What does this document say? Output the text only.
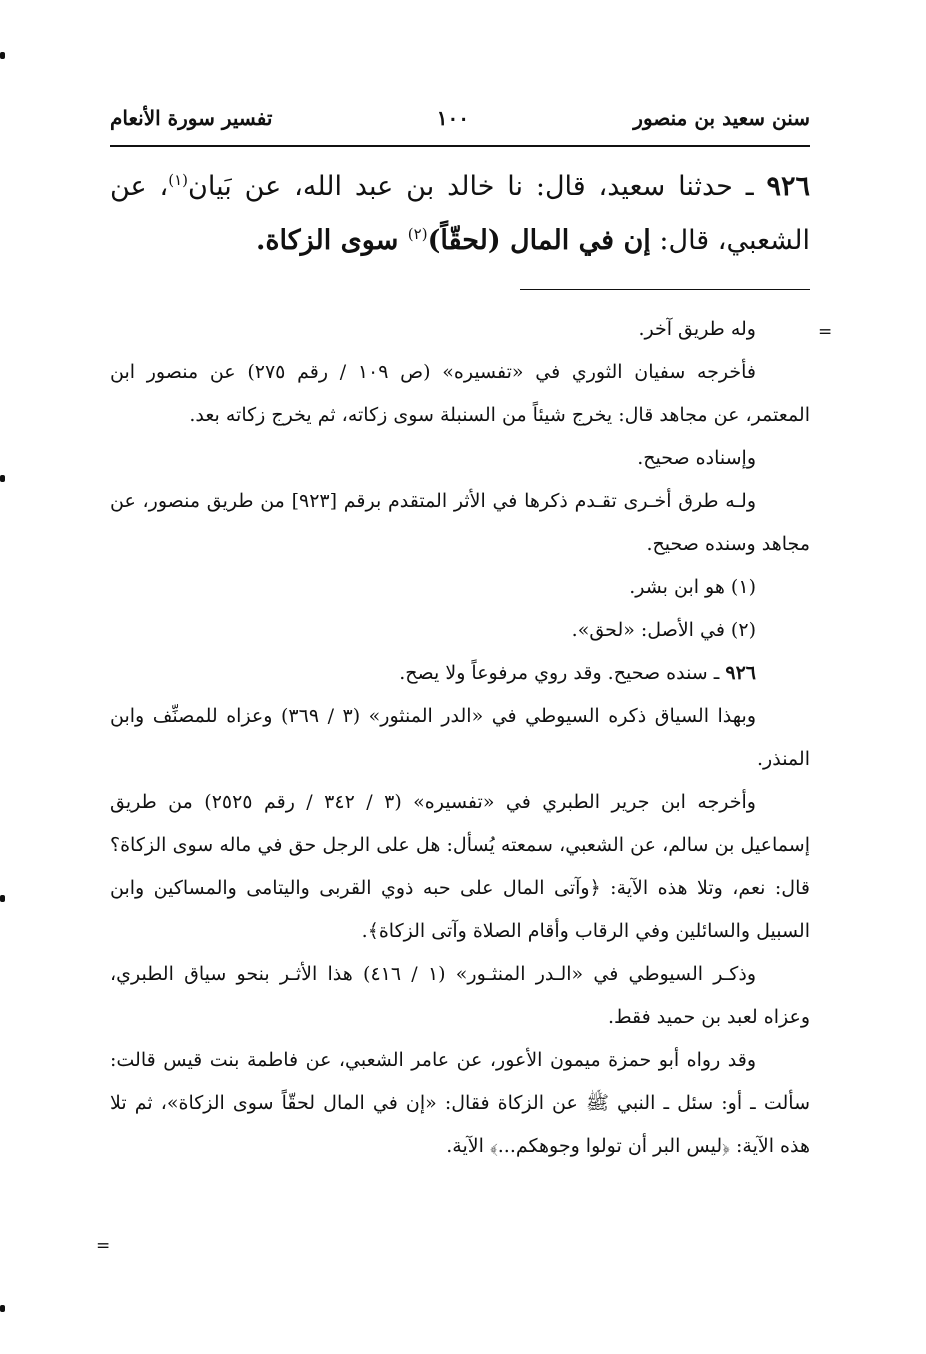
سنن سعيد بن منصور
١٠٠
تفسير سورة الأنعام
٩٢٦ ـ حدثنا سعيد، قال: نا خالد بن عبد الله، عن بَيان$^{(١)}$، عن الشعبي، قال: إن في المال (لحقّاً)$^{(٢)}$ سوى الزكاة.

وله طريق آخر.

فأخرجه سفيان الثوري في «تفسيره» (ص ١٠٩ / رقم ٢٧٥) عن منصور ابن المعتمر، عن مجاهد قال: يخرج شيئاً من السنبلة سوى زكاته، ثم يخرج زكاته بعد.

وإسناده صحيح.

ولـه طرق أخـرى تقـدم ذكرها في الأثر المتقدم برقم [٩٢٣] من طريق منصور، عن مجاهد وسنده صحيح.

(١) هو ابن بشر.

(٢) في الأصل: «لحق».

٩٢٦ ـ سنده صحيح. وقد روي مرفوعاً ولا يصح.

وبهذا السياق ذكره السيوطي في «الدر المنثور» (٣ / ٣٦٩) وعزاه للمصنِّف وابن المنذر.

وأخرجه ابن جرير الطبري في «تفسيره» (٣ / ٣٤٢ / رقم ٢٥٢٥) من طريق إسماعيل بن سالم، عن الشعبي، سمعته يُسأل: هل على الرجل حق في ماله سوى الزكاة؟ قال: نعم، وتلا هذه الآية: ﴿وآتى المال على حبه ذوي القربى واليتامى والمساكين وابن السبيل والسائلين وفي الرقاب وأقام الصلاة وآتى الزكاة﴾.

وذكـر السيوطي في «الـدر المنثـور» (١ / ٤١٦) هذا الأثـر بنحو سياق الطبري، وعزاه لعبد بن حميد فقط.

وقد رواه أبو حمزة ميمون الأعور، عن عامر الشعبي، عن فاطمة بنت قيس قالت: سألت ـ أو: سئل ـ النبي ﷺ عن الزكاة فقال: «إن في المال لحقّاً سوى الزكاة»، ثم تلا هذه الآية: ﴿ليس البر أن تولوا وجوهكم...﴾ الآية.

=
=
